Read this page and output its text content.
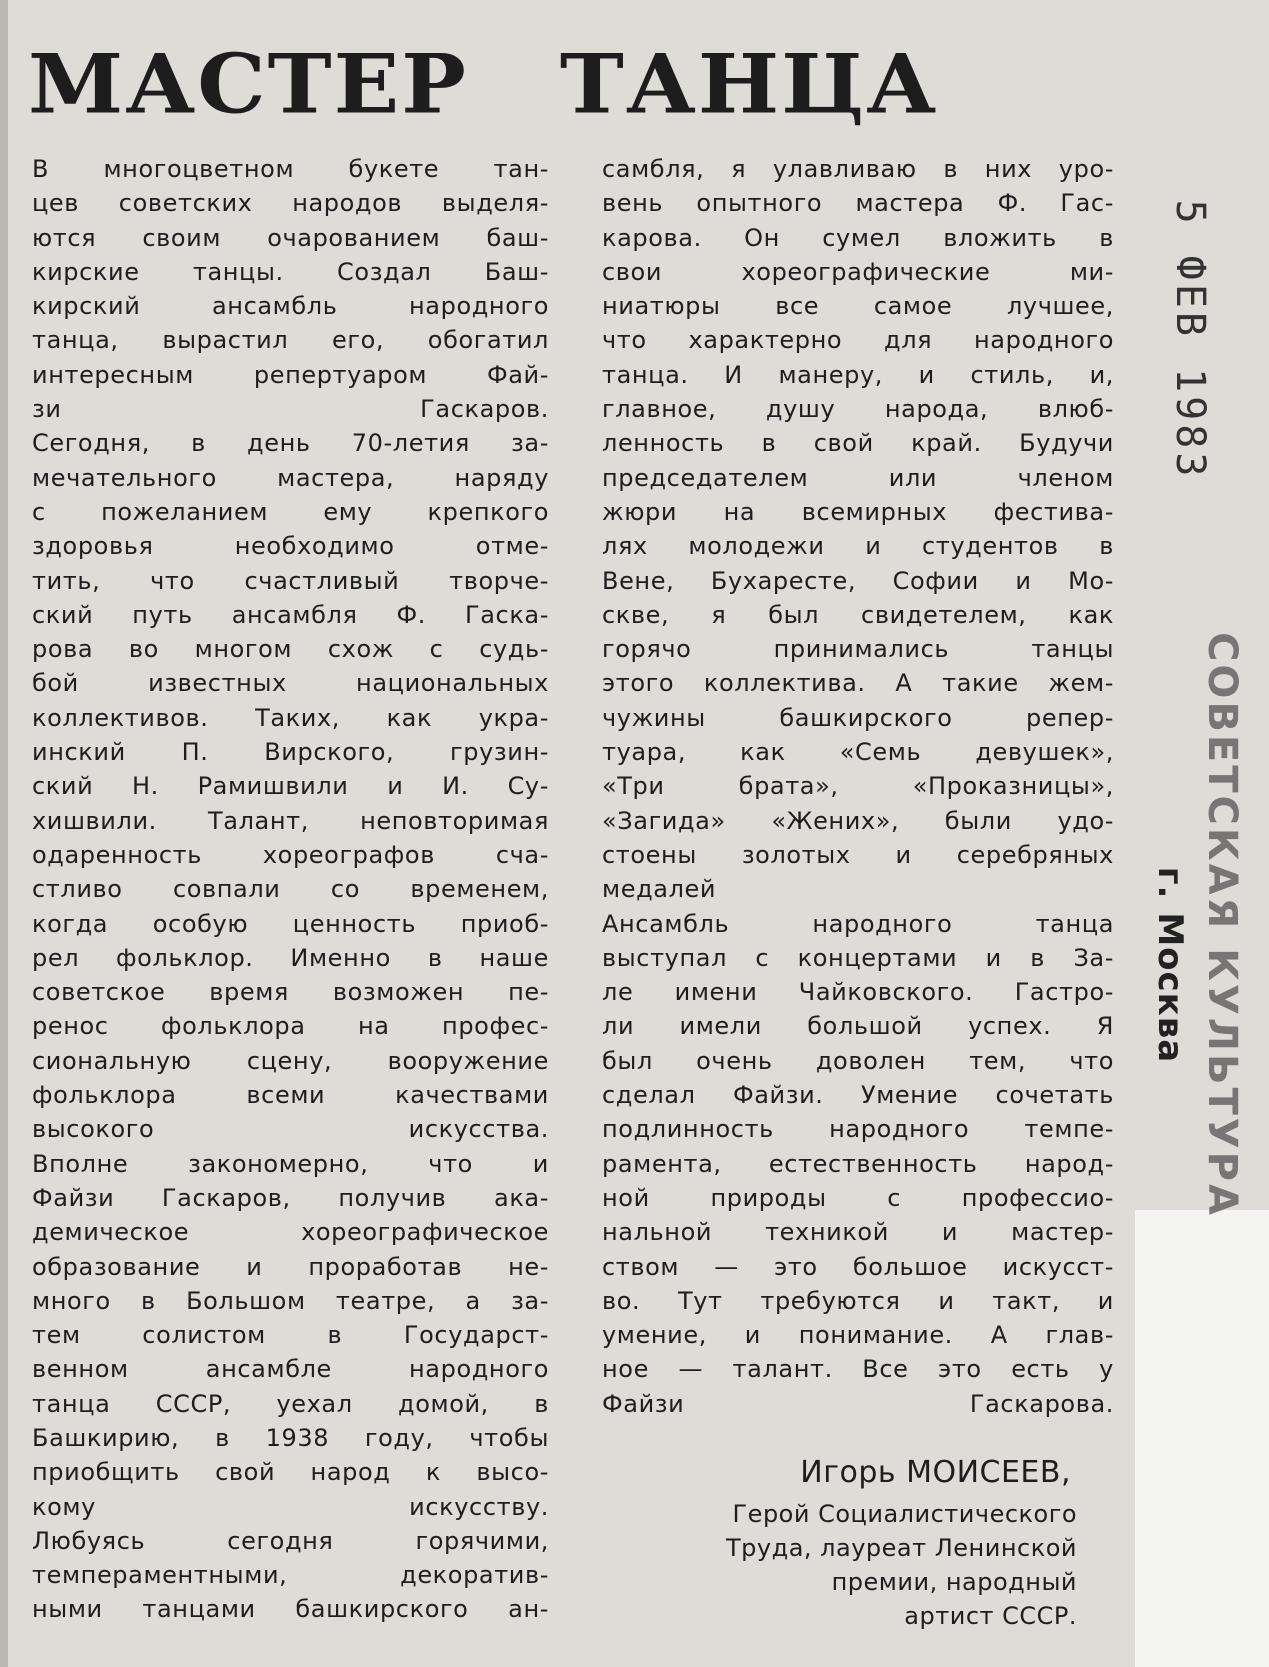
МАСТЕР ТАНЦА
В многоцветном букете тан-
цев советских народов выделя-
ются своим очарованием баш-
кирские танцы. Создал Баш-
кирский ансамбль народного
танца, вырастил его, обогатил
интересным репертуаром Фай-
зи Гаскаров.
Сегодня, в день 70-летия за-
мечательного мастера, наряду
с пожеланием ему крепкого
здоровья необходимо отме-
тить, что счастливый творче-
ский путь ансамбля Ф. Гаска-
рова во многом схож с судь-
бой известных национальных
коллективов. Таких, как укра-
инский П. Вирского, грузин-
ский Н. Рамишвили и И. Су-
хишвили. Талант, неповторимая
одаренность хореографов сча-
стливо совпали со временем,
когда особую ценность приоб-
рел фольклор. Именно в наше
советское время возможен пе-
ренос фольклора на профес-
сиональную сцену, вооружение
фольклора всеми качествами
высокого искусства.
Вполне закономерно, что и
Файзи Гаскаров, получив ака-
демическое хореографическое
образование и проработав не-
много в Большом театре, а за-
тем солистом в Государст-
венном ансамбле народного
танца СССР, уехал домой, в
Башкирию, в 1938 году, чтобы
приобщить свой народ к высо-
кому искусству.
Любуясь сегодня горячими,
темпераментными, декоратив-
ными танцами башкирского ан-
самбля, я улавливаю в них уро-
вень опытного мастера Ф. Гас-
карова. Он сумел вложить в
свои хореографические ми-
ниатюры все самое лучшее,
что характерно для народного
танца. И манеру, и стиль, и,
главное, душу народа, влюб-
ленность в свой край. Будучи
председателем или членом
жюри на всемирных фестива-
лях молодежи и студентов в
Вене, Бухаресте, Софии и Мо-
скве, я был свидетелем, как
горячо принимались танцы
этого коллектива. А такие жем-
чужины башкирского репер-
туара, как «Семь девушек»,
«Три брата», «Проказницы»,
«Загида» «Жених», были удо-
стоены золотых и серебряных
медалей
Ансамбль народного танца
выступал с концертами и в За-
ле имени Чайковского. Гастро-
ли имели большой успех. Я
был очень доволен тем, что
сделал Файзи. Умение сочетать
подлинность народного темпе-
рамента, естественность народ-
ной природы с профессио-
нальной техникой и мастер-
ством — это большое искусст-
во. Тут требуются и такт, и
умение, и понимание. А глав-
ное — талант. Все это есть у
Файзи Гаскарова.
Игорь МОИСЕЕВ,
Герой Социалистического
Труда, лауреат Ленинской
премии, народный
артист СССР.
5 ФЕВ 1983
СОВЕТСКАЯ КУЛЬТУРА
г. Москва
